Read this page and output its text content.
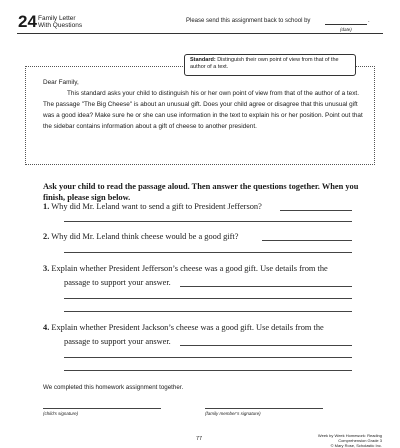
24 Family Letter
With Questions
Please send this assignment back to school by	.
(date)
Standard: Distinguish their own point of view from that of the author of a text.
Dear Family,
This standard asks your child to distinguish his or her own point of view from that of the author of a text. The passage "The Big Cheese" is about an unusual gift. Does your child agree or disagree that this unusual gift was a good idea? Make sure he or she can use information in the text to explain his or her position. Point out that the sidebar contains information about a gift of cheese to another president.
Ask your child to read the passage aloud. Then answer the questions together. When you finish, please sign below.
1. Why did Mr. Leland want to send a gift to President Jefferson?
2. Why did Mr. Leland think cheese would be a good gift?
3. Explain whether President Jefferson’s cheese was a good gift. Use details from the
passage to support your answer.
4. Explain whether President Jackson’s cheese was a good gift. Use details from the
passage to support your answer.
We completed this homework assignment together.
(child’s signature)	(family member’s signature)
77
Week by Week Homework: Reading Comprehension Grade 3
© Mary Rose, Scholastic Inc.
